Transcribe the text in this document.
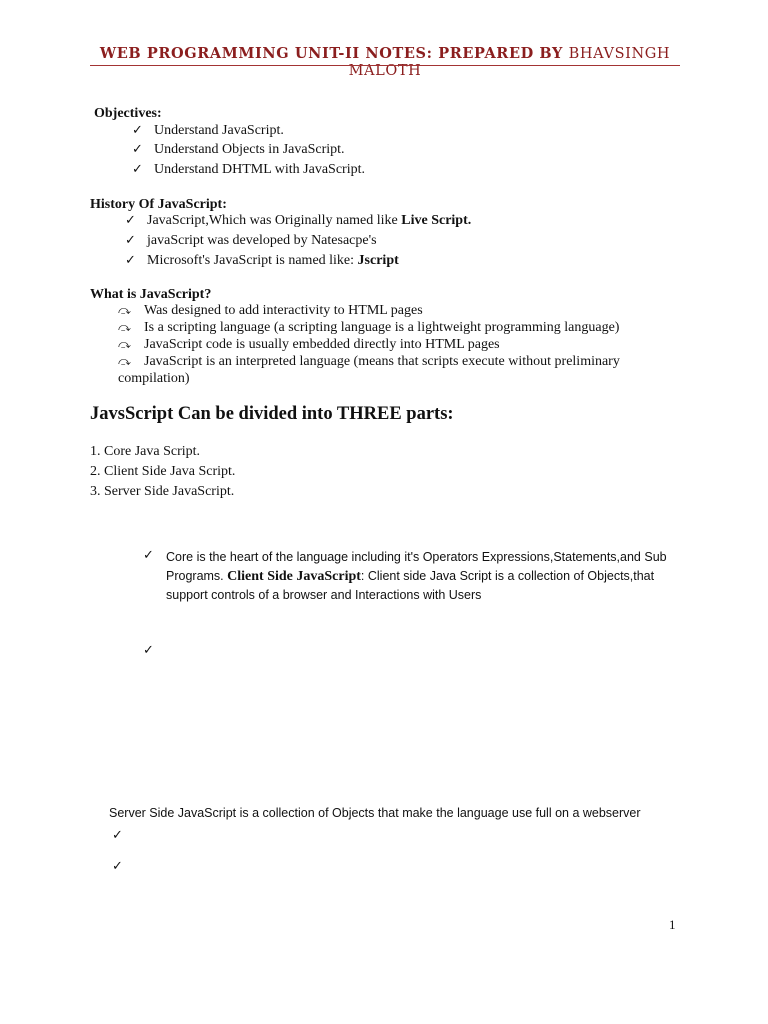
WEB PROGRAMMING UNIT-II NOTES: PREPARED BY BHAVSINGH MALOTH
Objectives:
✓ Understand JavaScript.
✓ Understand Objects in JavaScript.
✓ Understand DHTML with JavaScript.
History Of JavaScript:
✓ JavaScript,Which was Originally named like Live Script.
✓ javaScript was developed by Natesacpe's
✓ Microsoft's JavaScript is named like: Jscript
What is JavaScript?
⤼ Was designed to add interactivity to HTML pages
⤼ Is a scripting language (a scripting language is a lightweight programming language)
⤼ JavaScript code is usually embedded directly into HTML pages
⤼ JavaScript is an interpreted language (means that scripts execute without preliminary
compilation)
JavsScript Can be divided into THREE parts:
1. Core Java Script.
2. Client Side Java Script.
3. Server Side JavaScript.
✓ Core is the heart of the language including it's Operators Expressions,Statements,and Sub
Programs. Client Side JavaScript: Client side Java Script is a collection of Objects,that
support controls of a browser and Interactions with Users
✓
Server Side JavaScript is a collection of Objects that make the language use full on a webserver
✓
✓
1
